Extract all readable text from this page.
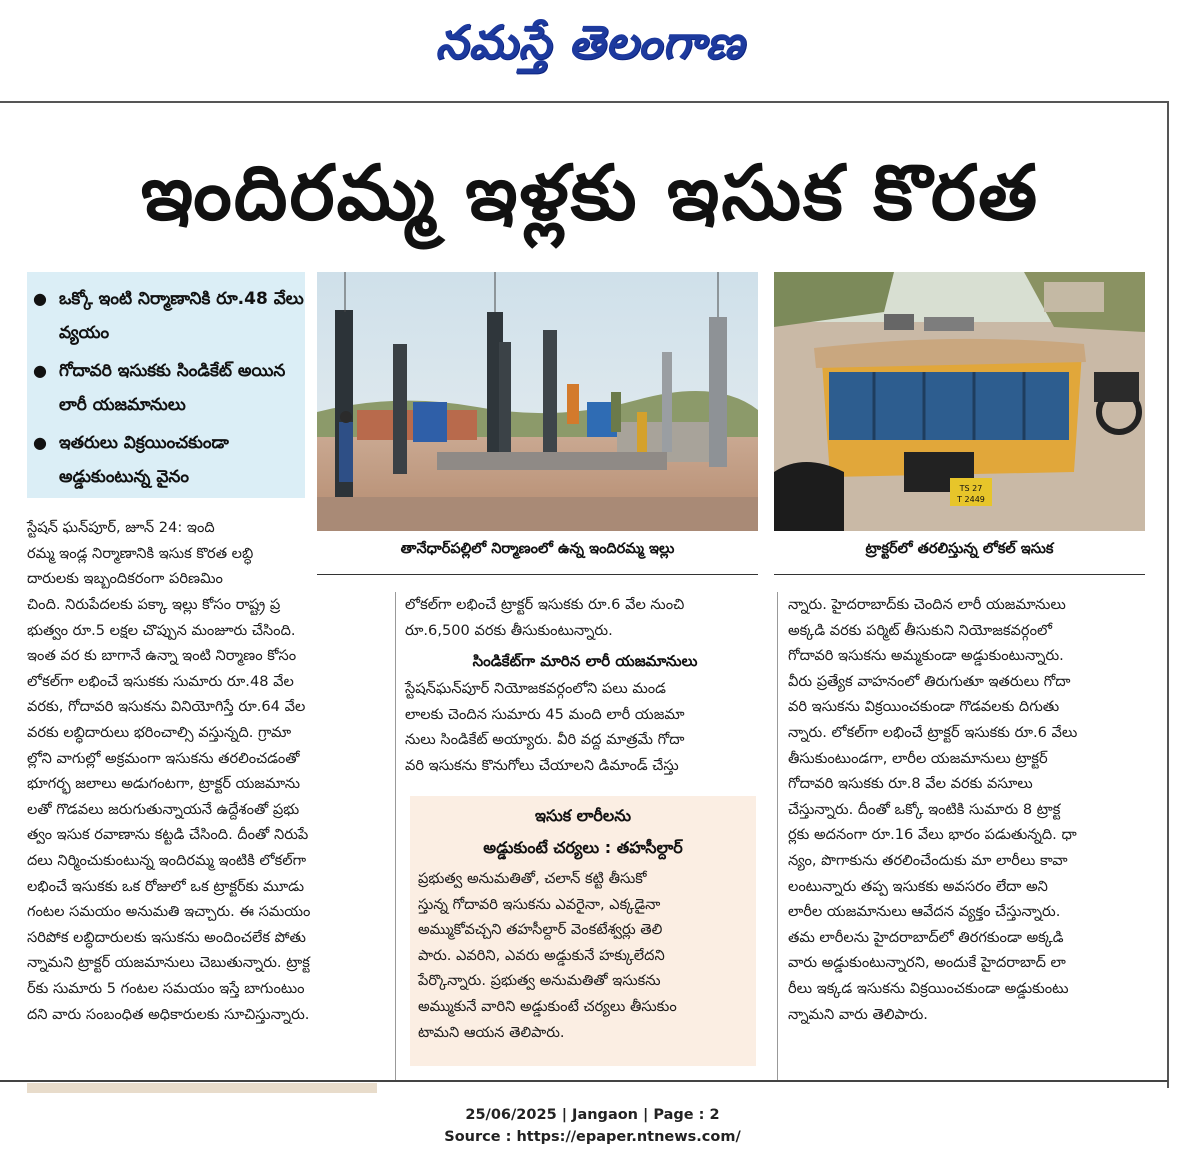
నమస్తే తెలంగాణ
ఇందిరమ్మ ఇళ్లకు ఇసుక కొరత
● ఒక్కో ఇంటి నిర్మాణానికి రూ.48 వేలు వ్యయం
● గోదావరి ఇసుకకు సిండికేట్ అయిన లారీ యజమానులు
● ఇతరులు విక్రయించకుండా అడ్డుకుంటున్న వైనం
తానేధార్‌పల్లిలో నిర్మాణంలో ఉన్న ఇందిరమ్మ ఇల్లు
TS 27
T 2449
ట్రాక్టర్‌లో తరలిస్తున్న లోకల్ ఇసుక

స్టేషన్ ఘన్‌పూర్, జూన్ 24: ఇంది

రమ్మ ఇండ్ల నిర్మాణానికి ఇసుక కొరత లబ్ధి

దారులకు ఇబ్బందికరంగా పరిణమిం

చింది. నిరుపేదలకు పక్కా ఇల్లు కోసం రాష్ట్ర ప్ర

భుత్వం రూ.5 లక్షల చొప్పున మంజూరు చేసింది.

ఇంత వర కు బాగానే ఉన్నా ఇంటి నిర్మాణం కోసం

లోకల్‌గా లభించే ఇసుకకు సుమారు రూ.48 వేల

వరకు, గోదావరి ఇసుకను వినియోగిస్తే రూ.64 వేల

వరకు లబ్ధిదారులు భరించాల్సి వస్తున్నది. గ్రామా

ల్లోని వాగుల్లో అక్రమంగా ఇసుకను తరలించడంతో

భూగర్భ జలాలు అడుగంటగా, ట్రాక్టర్ యజమాను

లతో గొడవలు జరుగుతున్నాయనే ఉద్దేశంతో ప్రభు

త్వం ఇసుక రవాణాను కట్టడి చేసింది. దీంతో నిరుపే

దలు నిర్మించుకుంటున్న ఇందిరమ్మ ఇంటికి లోకల్‌గా

లభించే ఇసుకకు ఒక రోజులో ఒక ట్రాక్టర్‌కు మూడు

గంటల సమయం అనుమతి ఇచ్చారు. ఈ సమయం

సరిపోక లబ్ధిదారులకు ఇసుకను అందించలేక పోతు

న్నామని ట్రాక్టర్ యజమానులు చెబుతున్నారు. ట్రాక్ట

ర్‌కు సుమారు 5 గంటల సమయం ఇస్తే బాగుంటుం

దని వారు సంబంధిత అధికారులకు సూచిస్తున్నారు.

లోకల్‌గా లభించే ట్రాక్టర్ ఇసుకకు రూ.6 వేల నుంచి

రూ.6,500 వరకు తీసుకుంటున్నారు.

సిండికేట్‌గా మారిన లారీ యజమానులు

స్టేషన్‌ఘన్‌పూర్ నియోజకవర్గంలోని పలు మండ

లాలకు చెందిన సుమారు 45 మంది లారీ యజమా

నులు సిండికేట్ అయ్యారు. వీరి వద్ద మాత్రమే గోదా

వరి ఇసుకను కొనుగోలు చేయాలని డిమాండ్ చేస్తు

ఇసుక లారీలను
అడ్డుకుంటే చర్యలు : తహసీల్దార్

ప్రభుత్వ అనుమతితో, చలాన్ కట్టి తీసుకో

స్తున్న గోదావరి ఇసుకను ఎవరైనా, ఎక్కడైనా

అమ్ముకోవచ్చని తహసీల్దార్ వెంకటేశ్వర్లు తెలి

పారు. ఎవరిని, ఎవరు అడ్డుకునే హక్కులేదని

పేర్కొన్నారు. ప్రభుత్వ అనుమతితో ఇసుకను

అమ్ముకునే వారిని అడ్డుకుంటే చర్యలు తీసుకుం

టామని ఆయన తెలిపారు.

న్నారు. హైదరాబాద్‌కు చెందిన లారీ యజమానులు

అక్కడి వరకు పర్మిట్ తీసుకుని నియోజకవర్గంలో

గోదావరి ఇసుకను అమ్మకుండా అడ్డుకుంటున్నారు.

వీరు ప్రత్యేక వాహనంలో తిరుగుతూ ఇతరులు గోదా

వరి ఇసుకను విక్రయించకుండా గొడవలకు దిగుతు

న్నారు. లోకల్‌గా లభించే ట్రాక్టర్ ఇసుకకు రూ.6 వేలు

తీసుకుంటుండగా, లారీల యజమానులు ట్రాక్టర్

గోదావరి ఇసుకకు రూ.8 వేల వరకు వసూలు

చేస్తున్నారు. దీంతో ఒక్కో ఇంటికి సుమారు 8 ట్రాక్ట

ర్లకు అదనంగా రూ.16 వేలు భారం పడుతున్నది. ధా

న్యం, పొగాకును తరలించేందుకు మా లారీలు కావా

లంటున్నారు తప్ప ఇసుకకు అవసరం లేదా అని

లారీల యజమానులు ఆవేదన వ్యక్తం చేస్తున్నారు.

తమ లారీలను హైదరాబాద్‌లో తిరగకుండా అక్కడి

వారు అడ్డుకుంటున్నారని, అందుకే హైదరాబాద్ లా

రీలు ఇక్కడ ఇసుకను విక్రయించకుండా అడ్డుకుంటు

న్నామని వారు తెలిపారు.

25/06/2025 | Jangaon | Page : 2
Source : https://epaper.ntnews.com/
